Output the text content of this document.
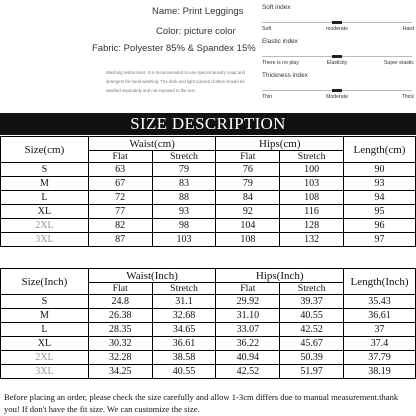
Name: Print Leggings
Color: picture color
Fabric: Polyester 85% & Spandex 15%
Washing instructions: It is recommended to use special laundry soap and detergent for hand washing. The dark and light colored clothes should be washed separately and not exposed to the sun.
Soft index
Soft	moderate	Hard
Elastic index
There is no play	Elasticity	Super elastic
Thickness index
Thin	Moderate	Thick
SIZE DESCRIPTION
Size(cm)	Waist(cm)		Hips(cm)		Length(cm)
	Flat	Stretch	Flat	Stretch	
S	63	79	76	100	90
M	67	83	79	103	93
L	72	88	84	108	94
XL	77	93	92	116	95
2XL	82	98	104	128	96
3XL	87	103	108	132	97
Size(Inch)	Waist(Inch)		Hips(Inch)		Length(Inch)
	Flat	Stretch	Flat	Stretch	
S	24.8	31.1	29.92	39.37	35.43
M	26.38	32.68	31.10	40.55	36.61
L	28.35	34.65	33.07	42.52	37
XL	30.32	36.61	36.22	45.67	37.4
2XL	32.28	38.58	40.94	50.39	37.79
3XL	34.25	40.55	42.52	51.97	38.19
Before placing an order, please check the size carefully and allow 1-3cm differs due to manual measurement.thank you! If don't have the fit size. We can customize the size.
